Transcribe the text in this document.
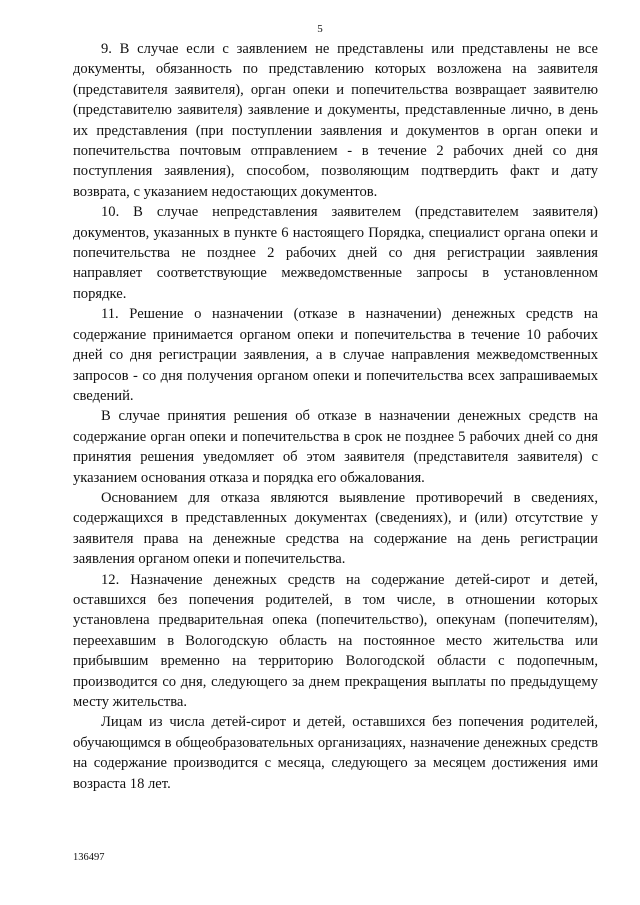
5

9. В случае если с заявлением не представлены или представлены не все документы, обязанность по представлению которых возложена на заявителя (представителя заявителя), орган опеки и попечительства возвращает заявителю (представителю заявителя) заявление и документы, представленные лично, в день их представления (при поступлении заявления и документов в орган опеки и попечительства почтовым отправлением - в течение 2 рабочих дней со дня поступления заявления), способом, позволяющим подтвердить факт и дату возврата, с указанием недостающих документов.

10. В случае непредставления заявителем (представителем заявителя) документов, указанных в пункте 6 настоящего Порядка, специалист органа опеки и попечительства не позднее 2 рабочих дней со дня регистрации заявления направляет соответствующие межведомственные запросы в установленном порядке.

11. Решение о назначении (отказе в назначении) денежных средств на содержание принимается органом опеки и попечительства в течение 10 рабочих дней со дня регистрации заявления, а в случае направления межведомственных запросов - со дня получения органом опеки и попечительства всех запрашиваемых сведений.

В случае принятия решения об отказе в назначении денежных средств на содержание орган опеки и попечительства в срок не позднее 5 рабочих дней со дня принятия решения уведомляет об этом заявителя (представителя заявителя) с указанием основания отказа и порядка его обжалования.

Основанием для отказа являются выявление противоречий в сведениях, содержащихся в представленных документах (сведениях), и (или) отсутствие у заявителя права на денежные средства на содержание на день регистрации заявления органом опеки и попечительства.

12. Назначение денежных средств на содержание детей-сирот и детей, оставшихся без попечения родителей, в том числе, в отношении которых установлена предварительная опека (попечительство), опекунам (попечителям), переехавшим в Вологодскую область на постоянное место жительства или прибывшим временно на территорию Вологодской области с подопечным, производится со дня, следующего за днем прекращения выплаты по предыдущему месту жительства.

Лицам из числа детей-сирот и детей, оставшихся без попечения родителей, обучающимся в общеобразовательных организациях, назначение денежных средств на содержание производится с месяца, следующего за месяцем достижения ими возраста 18 лет.

136497
